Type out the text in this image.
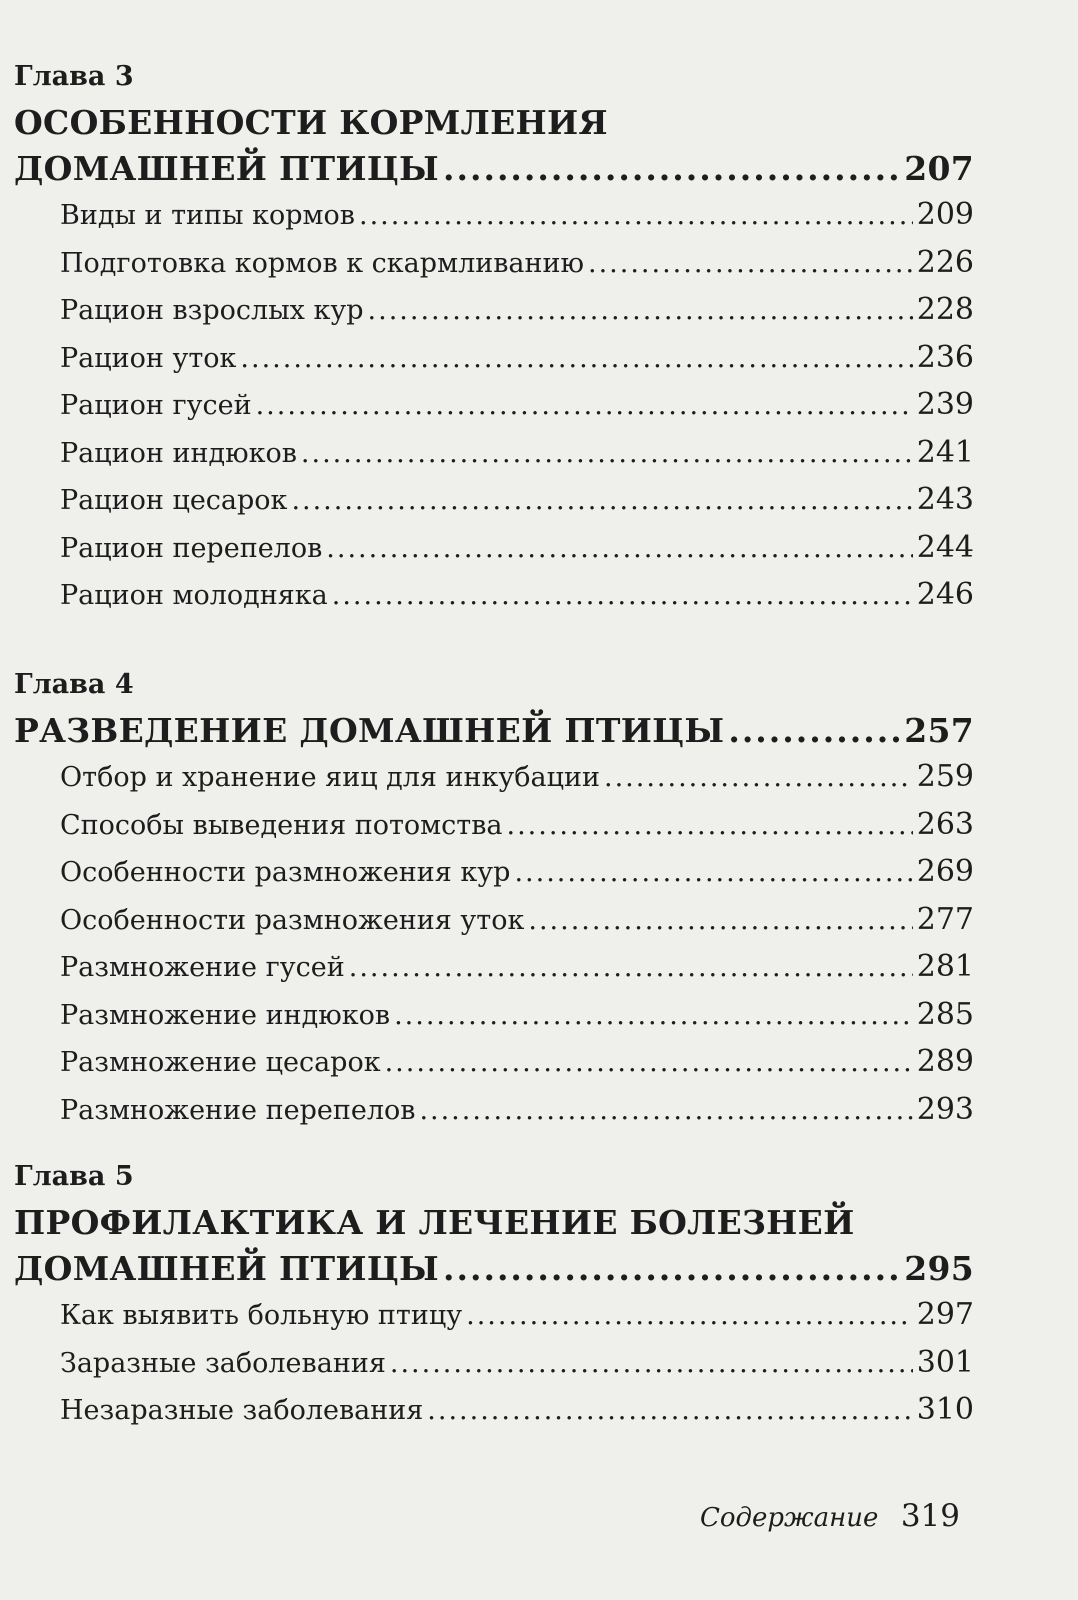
Глава 3

ОСОБЕННОСТИ КОРМЛЕНИЯ

ДОМАШНЕЙ ПТИЦЫ .....	207
Виды и типы кормов .....	209
Подготовка кормов к скармливанию .....	226
Рацион взрослых кур .....	228
Рацион уток .....	236
Рацион гусей .....	239
Рацион индюков .....	241
Рацион цесарок .....	243
Рацион перепелов .....	244
Рацион молодняка .....	246

Глава 4

РАЗВЕДЕНИЕ ДОМАШНЕЙ ПТИЦЫ .....	257
Отбор и хранение яиц для инкубации .....	259
Способы выведения потомства .....	263
Особенности размножения кур .....	269
Особенности размножения уток .....	277
Размножение гусей .....	281
Размножение индюков .....	285
Размножение цесарок .....	289
Размножение перепелов .....	293

Глава 5

ПРОФИЛАКТИКА И ЛЕЧЕНИЕ БОЛЕЗНЕЙ

ДОМАШНЕЙ ПТИЦЫ .....	295
Как выявить больную птицу .....	297
Заразные заболевания .....	301
Незаразные заболевания .....	310
Содержание 319
